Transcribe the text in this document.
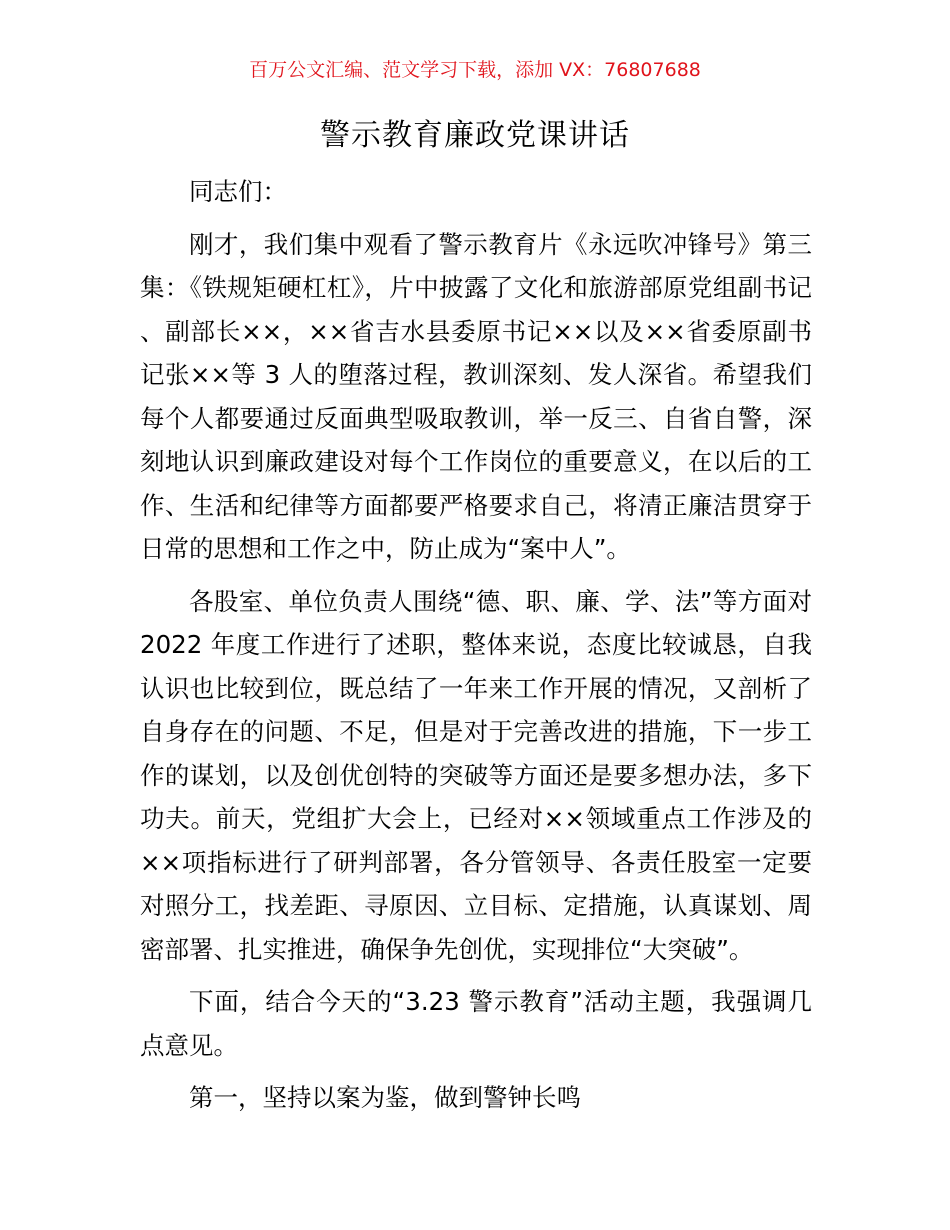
百万公文汇编、范文学习下载，添加 VX：76807688
警示教育廉政党课讲话

同志们：

刚才，我们集中观看了警示教育片《永远吹冲锋号》第三集：《铁规矩硬杠杠》，片中披露了文化和旅游部原党组副书记、副部长××，××省吉水县委原书记××以及××省委原副书记张××等 3 人的堕落过程，教训深刻、发人深省。希望我们每个人都要通过反面典型吸取教训，举一反三、自省自警，深刻地认识到廉政建设对每个工作岗位的重要意义，在以后的工作、生活和纪律等方面都要严格要求自己，将清正廉洁贯穿于日常的思想和工作之中，防止成为“案中人”。

各股室、单位负责人围绕“德、职、廉、学、法”等方面对 2022 年度工作进行了述职，整体来说，态度比较诚恳，自我认识也比较到位，既总结了一年来工作开展的情况，又剖析了自身存在的问题、不足，但是对于完善改进的措施，下一步工作的谋划，以及创优创特的突破等方面还是要多想办法，多下功夫。前天，党组扩大会上，已经对××领域重点工作涉及的××项指标进行了研判部署，各分管领导、各责任股室一定要对照分工，找差距、寻原因、立目标、定措施，认真谋划、周密部署、扎实推进，确保争先创优，实现排位“大突破”。

下面，结合今天的“3.23 警示教育”活动主题，我强调几点意见。

第一，坚持以案为鉴，做到警钟长鸣
